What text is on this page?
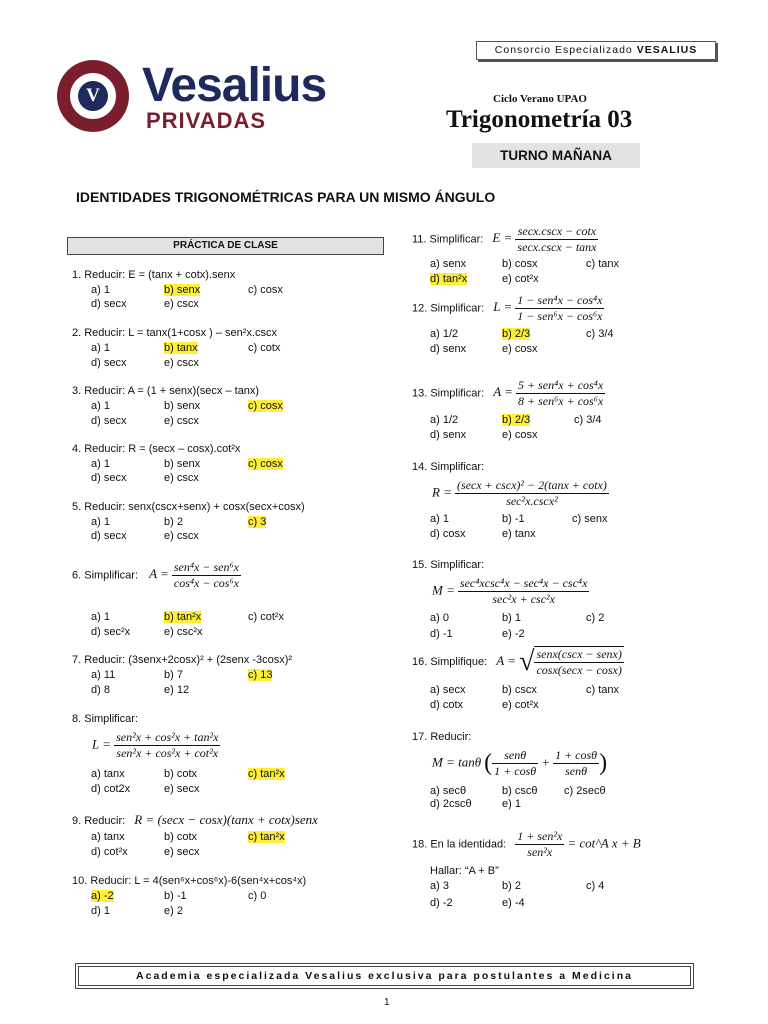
Consorcio Especializado VESALIUS
V Vesalius
PRIVADAS
Ciclo Verano UPAO
Trigonometría 03
TURNO MAÑANA
IDENTIDADES TRIGONOMÉTRICAS PARA UN MISMO ÁNGULO
PRÁCTICA DE CLASE
1. Reducir: E = (tanx + cotx).senx
a) 1	b) senx	c) cosx
d) secx	e) cscx
2. Reducir: L = tanx(1+cosx ) – sen²x.cscx
a) 1	b) tanx	c) cotx
d) secx	e) cscx
3. Reducir: A = (1 + senx)(secx – tanx)
a) 1	b) senx	c) cosx
d) secx	e) cscx
4. Reducir: R = (secx – cosx).cot²x
a) 1	b) senx	c) cosx
d) secx	e) cscx
5. Reducir: senx(cscx+senx) + cosx(secx+cosx)
a) 1	b) 2	c) 3
d) secx	e) cscx
6. Simplificar: $A = \frac{\text{sen⁴x − sen⁶x}}{\text{cos⁴x − cos⁶x}}$
a) 1	b) tan²x	c) cot²x
d) sec²x	e) csc²x
7. Reducir: (3senx+2cosx)² + (2senx -3cosx)²
a) 11	b) 7	c) 13
d) 8	e) 12
8. Simplificar:
$L = \frac{\text{sen²x + cos²x + tan²x}}{\text{sen²x + cos²x + cot²x}}$
a) tanx	b) cotx	c) tan²x
d) cot2x	e) secx
9. Reducir: R = (secx − cosx)(tanx + cotx)senx
a) tanx	b) cotx	c) tan²x
d) cot²x	e) secx
10. Reducir: L = 4(sen⁶x+cos⁶x)-6(sen⁴x+cos⁴x)
a) -2	b) -1	c) 0
d) 1	e) 2
11. Simplificar: $E = \frac{\sec x.\csc x - \cot x}{\sec x.\csc x - \tan x}$
a) senx	b) cosx	c) tanx
d) tan²x	e) cot²x
12. Simplificar: $L = \frac{\text{1 − sen⁴x − cos⁴x}}{\text{1 − sen⁶x − cos⁶x}}$
a) 1/2	b) 2/3	c) 3/4
d) senx	e) cosx
13. Simplificar: $A = \frac{\text{5 + sen⁴x + cos⁴x}}{\text{8 + sen⁶x + cos⁶x}}$
a) 1/2	b) 2/3	c) 3/4
d) senx	e) cosx
14. Simplificar:
$R = \frac{\text{(secx + cscx)² − 2(tanx + cotx)}}{\text{sec²x.cscx²}}$
a) 1	b) -1	c) senx
d) cosx	e) tanx
15. Simplificar:
$M = \frac{\text{sec⁴xcsc⁴x − sec⁴x − csc⁴x}}{\text{sec²x + csc²x}}$
a) 0	b) 1	c) 2
d) -1	e) -2
16. Simplifique: A = √ $\frac{\text{senx(cscx − senx)}}{\cos x(\sec x - \cos x)}$
a) secx	b) cscx	c) tanx
d) cotx	e) cot²x
17. Reducir:
M = tanθ ( $\frac{\text{senθ}}{1 + \cos\theta} + \frac{1 + \cos\theta}{\text{senθ}}$ )
a) secθ	b) cscθ c) 2secθ
d) 2cscθ	e) 1
18. En la identidad: $\frac{\text{1 + sen²x}}{\text{sen²x}}$ = cot^A x + B
Hallar: “A + B”
a) 3	b) 2	c) 4
d) -2	e) -4
Academia especializada Vesalius exclusiva para postulantes a Medicina
1
